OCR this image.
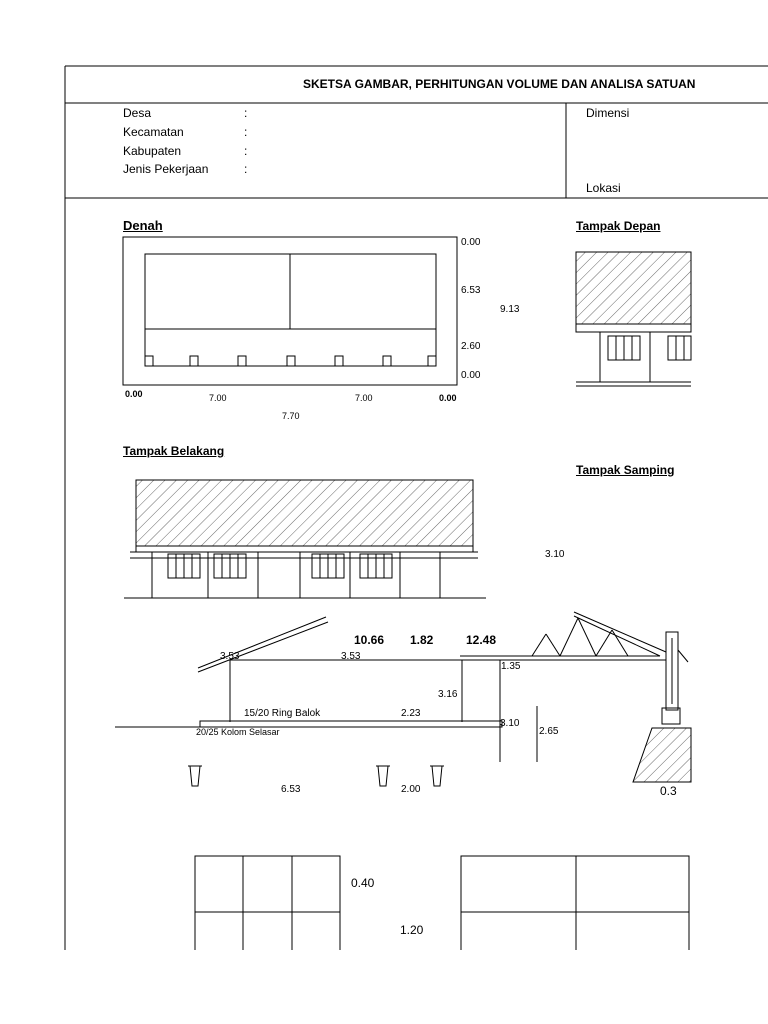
SKETSA GAMBAR, PERHITUNGAN VOLUME DAN ANALISA SATUAN
Desa	:
Kecamatan	:
Kabupaten	:
Jenis Pekerjaan	:
Dimensi
Lokasi
Denah
0.00
6.53
9.13
2.60
0.00
0.00	7.00	7.00	0.00
7.70
Tampak Depan
Tampak Belakang
Tampak Samping
3.10
3.53	3.53
10.66 1.82	12.48
1.35
3.16
15/20 Ring Balok	2.23
3.10
20/25 Kolom Selasar	2.65
6.53	2.00	0.3
0.40
1.20
